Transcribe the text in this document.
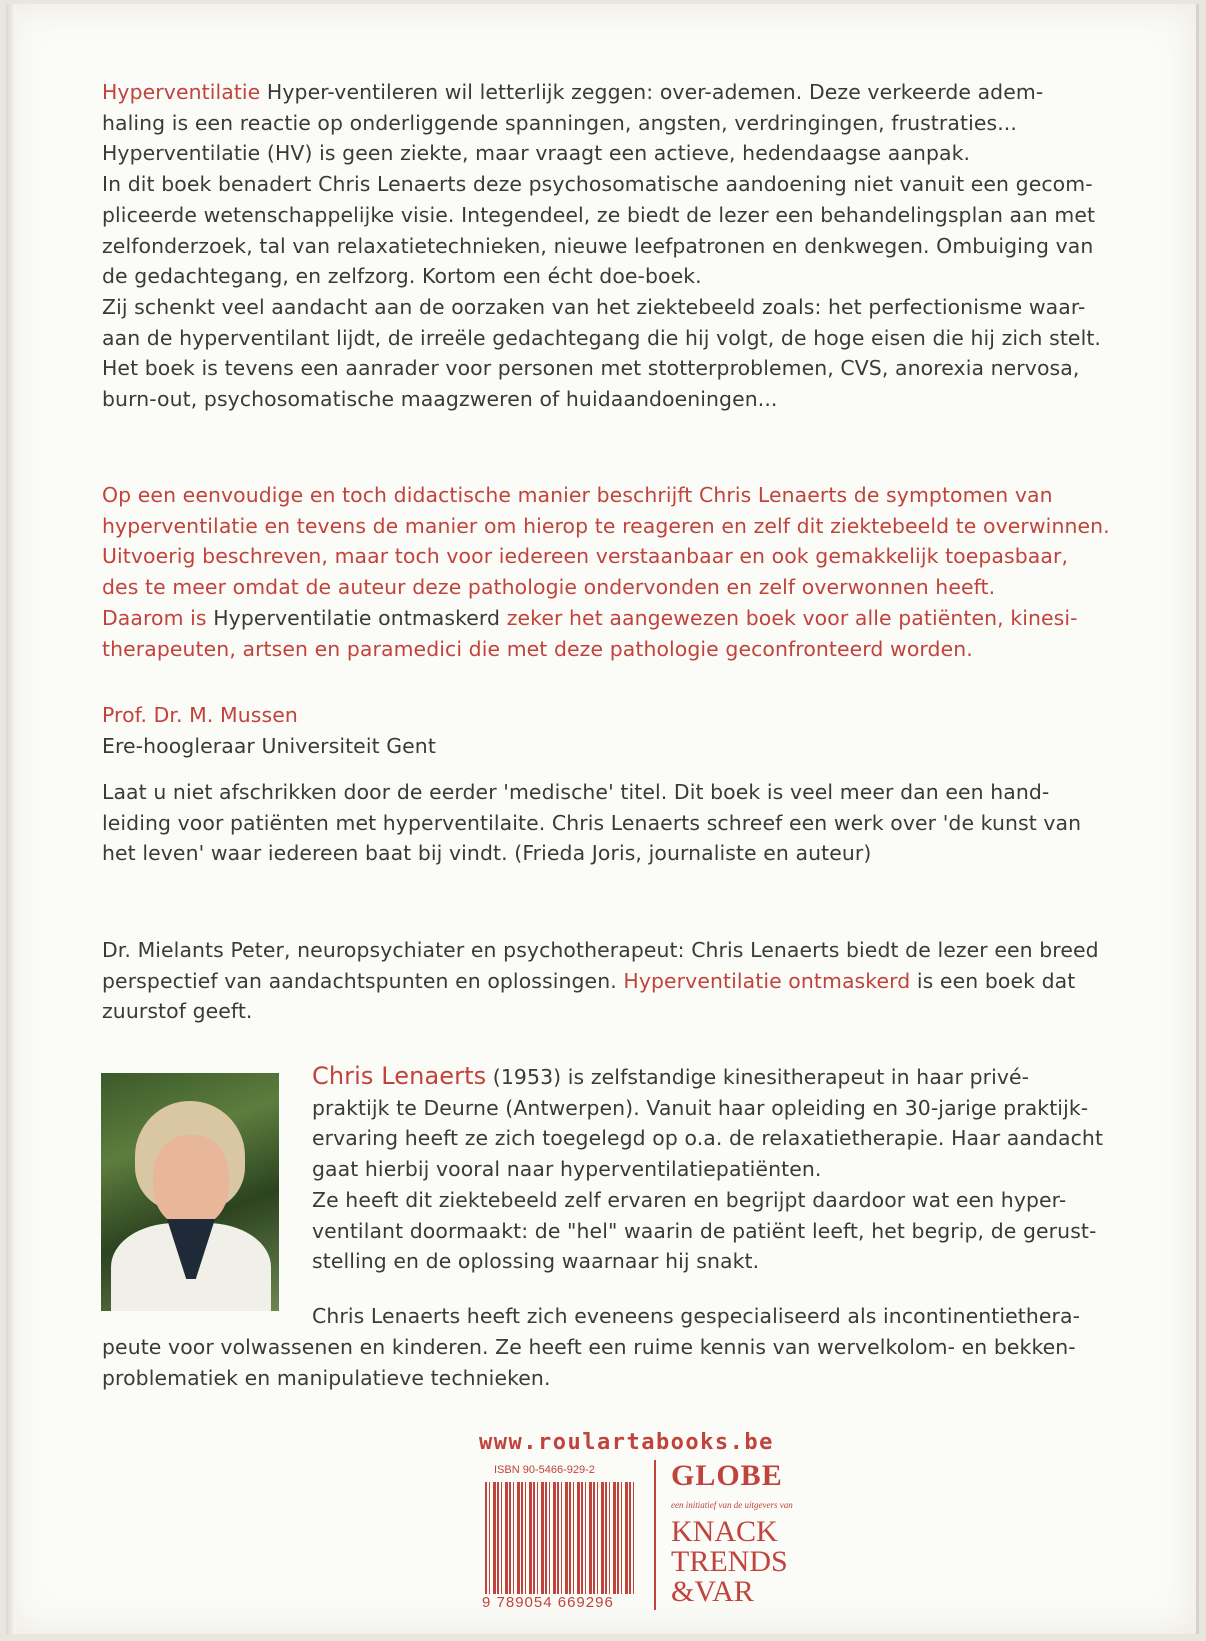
Hyperventilatie Hyper-ventileren wil letterlijk zeggen: over-ademen. Deze verkeerde adem-

haling is een reactie op onderliggende spanningen, angsten, verdringingen, frustraties...

Hyperventilatie (HV) is geen ziekte, maar vraagt een actieve, hedendaagse aanpak.

In dit boek benadert Chris Lenaerts deze psychosomatische aandoening niet vanuit een gecom-

pliceerde wetenschappelijke visie. Integendeel, ze biedt de lezer een behandelingsplan aan met

zelfonderzoek, tal van relaxatietechnieken, nieuwe leefpatronen en denkwegen. Ombuiging van

de gedachtegang, en zelfzorg. Kortom een écht doe-boek.

Zij schenkt veel aandacht aan de oorzaken van het ziektebeeld zoals: het perfectionisme waar-

aan de hyperventilant lijdt, de irreële gedachtegang die hij volgt, de hoge eisen die hij zich stelt.

Het boek is tevens een aanrader voor personen met stotterproblemen, CVS, anorexia nervosa,

burn-out, psychosomatische maagzweren of huidaandoeningen...

Op een eenvoudige en toch didactische manier beschrijft Chris Lenaerts de symptomen van

hyperventilatie en tevens de manier om hierop te reageren en zelf dit ziektebeeld te overwinnen.

Uitvoerig beschreven, maar toch voor iedereen verstaanbaar en ook gemakkelijk toepasbaar,

des te meer omdat de auteur deze pathologie ondervonden en zelf overwonnen heeft.

Daarom is Hyperventilatie ontmaskerd zeker het aangewezen boek voor alle patiënten, kinesi-

therapeuten, artsen en paramedici die met deze pathologie geconfronteerd worden.

Prof. Dr. M. Mussen

Ere-hoogleraar Universiteit Gent

Laat u niet afschrikken door de eerder 'medische' titel. Dit boek is veel meer dan een hand-

leiding voor patiënten met hyperventilaite. Chris Lenaerts schreef een werk over 'de kunst van

het leven' waar iedereen baat bij vindt. (Frieda Joris, journaliste en auteur)

Dr. Mielants Peter, neuropsychiater en psychotherapeut: Chris Lenaerts biedt de lezer een breed

perspectief van aandachtspunten en oplossingen. Hyperventilatie ontmaskerd is een boek dat

zuurstof geeft.

Chris Lenaerts (1953) is zelfstandige kinesitherapeut in haar privé-

praktijk te Deurne (Antwerpen). Vanuit haar opleiding en 30-jarige praktijk-

ervaring heeft ze zich toegelegd op o.a. de relaxatietherapie. Haar aandacht

gaat hierbij vooral naar hyperventilatiepatiënten.

Ze heeft dit ziektebeeld zelf ervaren en begrijpt daardoor wat een hyper-

ventilant doormaakt: de "hel" waarin de patiënt leeft, het begrip, de gerust-

stelling en de oplossing waarnaar hij snakt.

Chris Lenaerts heeft zich eveneens gespecialiseerd als incontinentiethera-

peute voor volwassenen en kinderen. Ze heeft een ruime kennis van wervelkolom- en bekken-

problematiek en manipulatieve technieken.

www.roulartabooks.be
ISBN 90-5466-929-2
9 789054 669296
GLOBE
een initiatief van de uitgevers van
KNACK
TRENDS
&VAR
